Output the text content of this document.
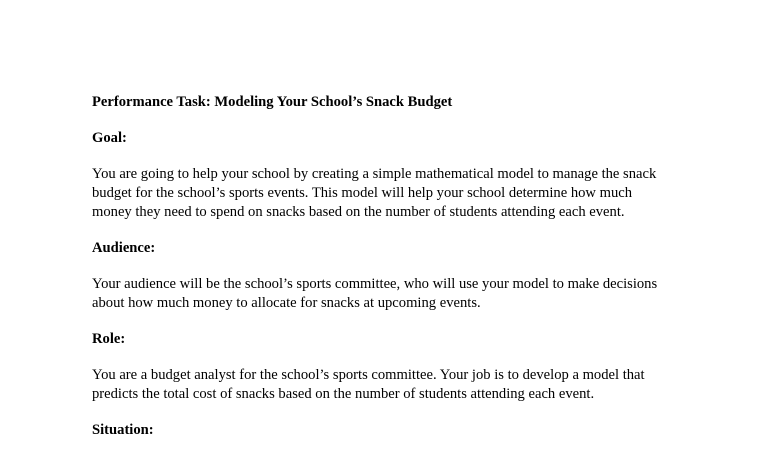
Performance Task: Modeling Your School’s Snack Budget
Goal:
You are going to help your school by creating a simple mathematical model to manage the snack
budget for the school’s sports events. This model will help your school determine how much
money they need to spend on snacks based on the number of students attending each event.
Audience:
Your audience will be the school’s sports committee, who will use your model to make decisions
about how much money to allocate for snacks at upcoming events.
Role:
You are a budget analyst for the school’s sports committee. Your job is to develop a model that
predicts the total cost of snacks based on the number of students attending each event.
Situation:
